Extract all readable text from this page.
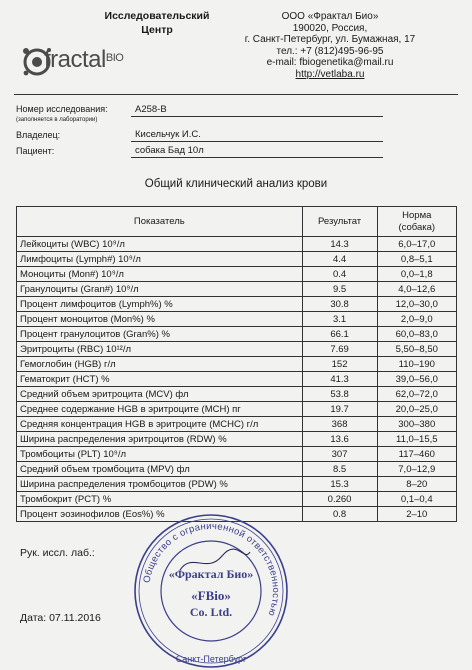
Исследовательский
Центр
fractal$^{BIO}$
ООО «Фрактал Био»
190020, Россия,
г. Санкт-Петербург, ул. Бумажная, 17
тел.: +7 (812)495-96-95
e-mail: fbiogenetika@mail.ru
http://vetlaba.ru
Номер исследования:
(заполняется в лаборатории)
А258-В
Владелец:	Кисельчук И.С.
Пациент:	собака Бад 10л
Общий клинический анализ крови
Показатель	Результат	Норма
(собака)

Лейкоциты (WBC) 10⁹/л	14.3	6,0–17,0
Лимфоциты (Lymph#) 10⁹/л	4.4	0,8–5,1
Моноциты (Mon#) 10⁹/л	0.4	0,0–1,8
Гранулоциты (Gran#) 10⁹/л	9.5	4,0–12,6
Процент лимфоцитов (Lymph%) %	30.8	12,0–30,0
Процент моноцитов (Mon%) %	3.1	2,0–9,0
Процент гранулоцитов (Gran%) %	66.1	60,0–83,0
Эритроциты (RBC) 10¹²/л	7.69	5,50–8,50
Гемоглобин (HGB) г/л	152	110–190
Гематокрит (HCT) %	41.3	39,0–56,0
Средний объем эритроцита (MCV) фл	53.8	62,0–72,0
Среднее содержание HGB в эритроците (MCH) пг	19.7	20,0–25,0
Средняя концентрация HGB в эритроците (MCHC) г/л	368	300–380
Ширина распределения эритроцитов (RDW) %	13.6	11,0–15,5
Тромбоциты (PLT) 10⁹/л	307	117–460
Средний объем тромбоцита (MPV) фл	8.5	7,0–12,9
Ширина распределения тромбоцитов (PDW) %	15.3	8–20
Тромбокрит (PCT) %	0.260	0,1–0,4
Процент эозинофилов (Eos%) %	0.8	2–10
Рук. иссл. лаб.:
Дата: 07.11.2016
Общество с ограниченной ответственностью
«Фрактал Био»
«FBio»
Co. Ltd.
Санкт-Петербург
